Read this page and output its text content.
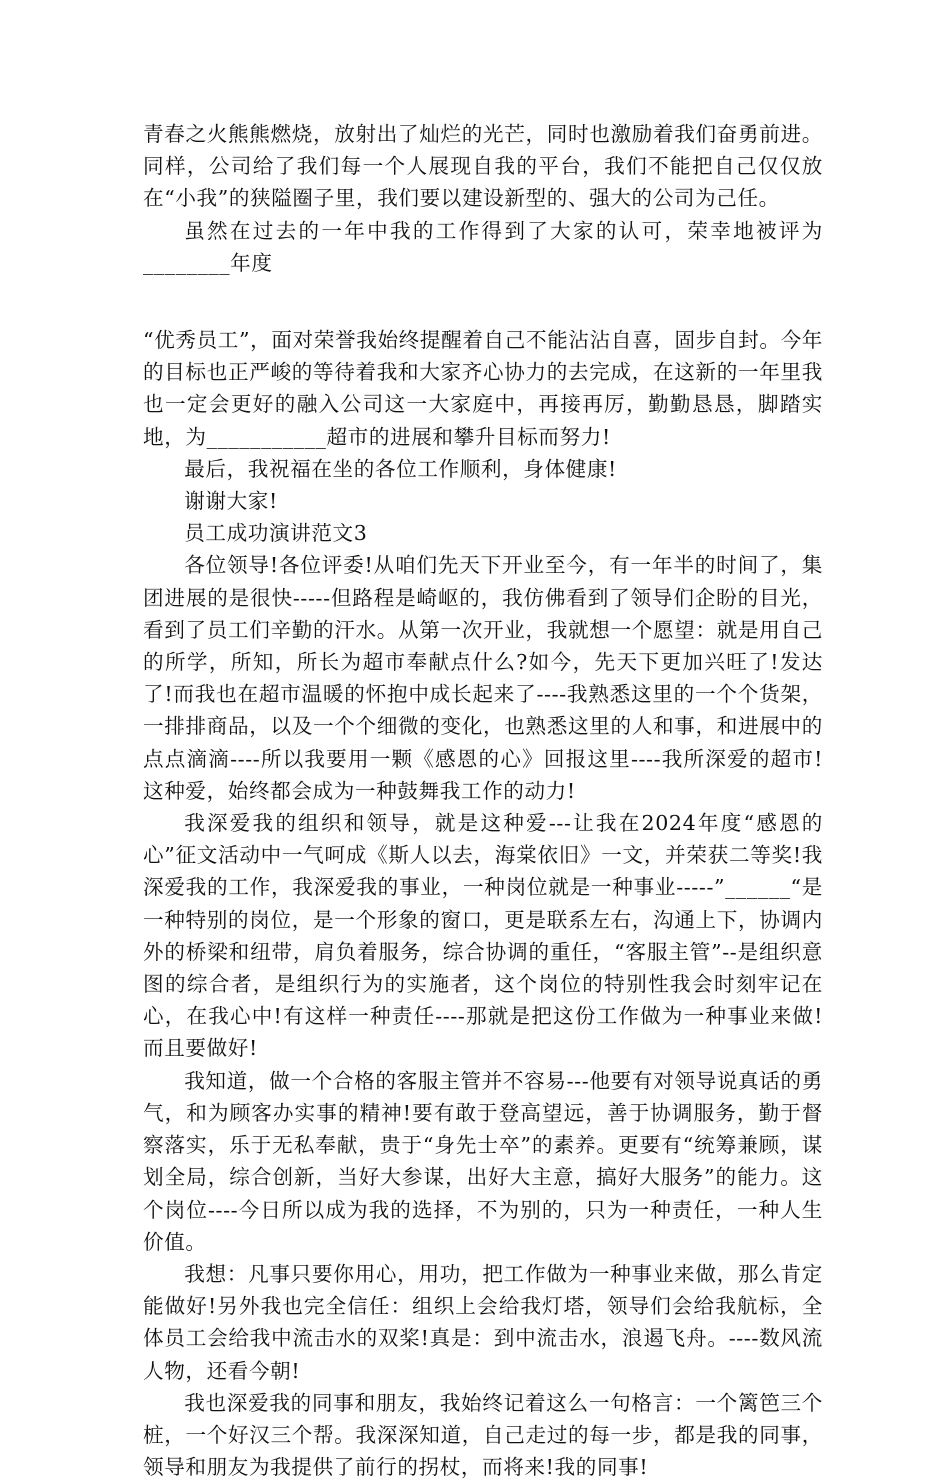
青春之火熊熊燃烧，放射出了灿烂的光芒，同时也激励着我们奋勇前进。同样，公司给了我们每一个人展现自我的平台，我们不能把自己仅仅放在“小我”的狭隘圈子里，我们要以建设新型的、强大的公司为己任。

虽然在过去的一年中我的工作得到了大家的认可，荣幸地被评为________年度

“优秀员工”，面对荣誉我始终提醒着自己不能沾沾自喜，固步自封。今年的目标也正严峻的等待着我和大家齐心协力的去完成，在这新的一年里我也一定会更好的融入公司这一大家庭中，再接再厉，勤勤恳恳，脚踏实地，为___________超市的进展和攀升目标而努力!

最后，我祝福在坐的各位工作顺利，身体健康!

谢谢大家!

员工成功演讲范文3

各位领导!各位评委!从咱们先天下开业至今，有一年半的时间了，集团进展的是很快-----但路程是崎岖的，我仿佛看到了领导们企盼的目光，看到了员工们辛勤的汗水。从第一次开业，我就想一个愿望：就是用自己的所学，所知，所长为超市奉献点什么?如今，先天下更加兴旺了!发达了!而我也在超市温暖的怀抱中成长起来了----我熟悉这里的一个个货架，一排排商品，以及一个个细微的变化，也熟悉这里的人和事，和进展中的点点滴滴----所以我要用一颗《感恩的心》回报这里----我所深爱的超市!这种爱，始终都会成为一种鼓舞我工作的动力!

我深爱我的组织和领导，就是这种爱---让我在2024年度“感恩的心”征文活动中一气呵成《斯人以去，海棠依旧》一文，并荣获二等奖!我深爱我的工作，我深爱我的事业，一种岗位就是一种事业-----”______“是一种特别的岗位，是一个形象的窗口，更是联系左右，沟通上下，协调内外的桥梁和纽带，肩负着服务，综合协调的重任，“客服主管”--是组织意图的综合者，是组织行为的实施者，这个岗位的特别性我会时刻牢记在心，在我心中!有这样一种责任----那就是把这份工作做为一种事业来做!而且要做好!

我知道，做一个合格的客服主管并不容易---他要有对领导说真话的勇气，和为顾客办实事的精神!要有敢于登高望远，善于协调服务，勤于督察落实，乐于无私奉献，贵于“身先士卒”的素养。更要有“统筹兼顾，谋划全局，综合创新，当好大参谋，出好大主意，搞好大服务”的能力。这个岗位----今日所以成为我的选择，不为别的，只为一种责任，一种人生价值。

我想：凡事只要你用心，用功，把工作做为一种事业来做，那么肯定能做好!另外我也完全信任：组织上会给我灯塔，领导们会给我航标，全体员工会给我中流击水的双桨!真是：到中流击水，浪遏飞舟。----数风流人物，还看今朝!

我也深爱我的同事和朋友，我始终记着这么一句格言：一个篱笆三个桩，一个好汉三个帮。我深深知道，自己走过的每一步，都是我的同事，领导和朋友为我提供了前行的拐杖，而将来!我的同事!
